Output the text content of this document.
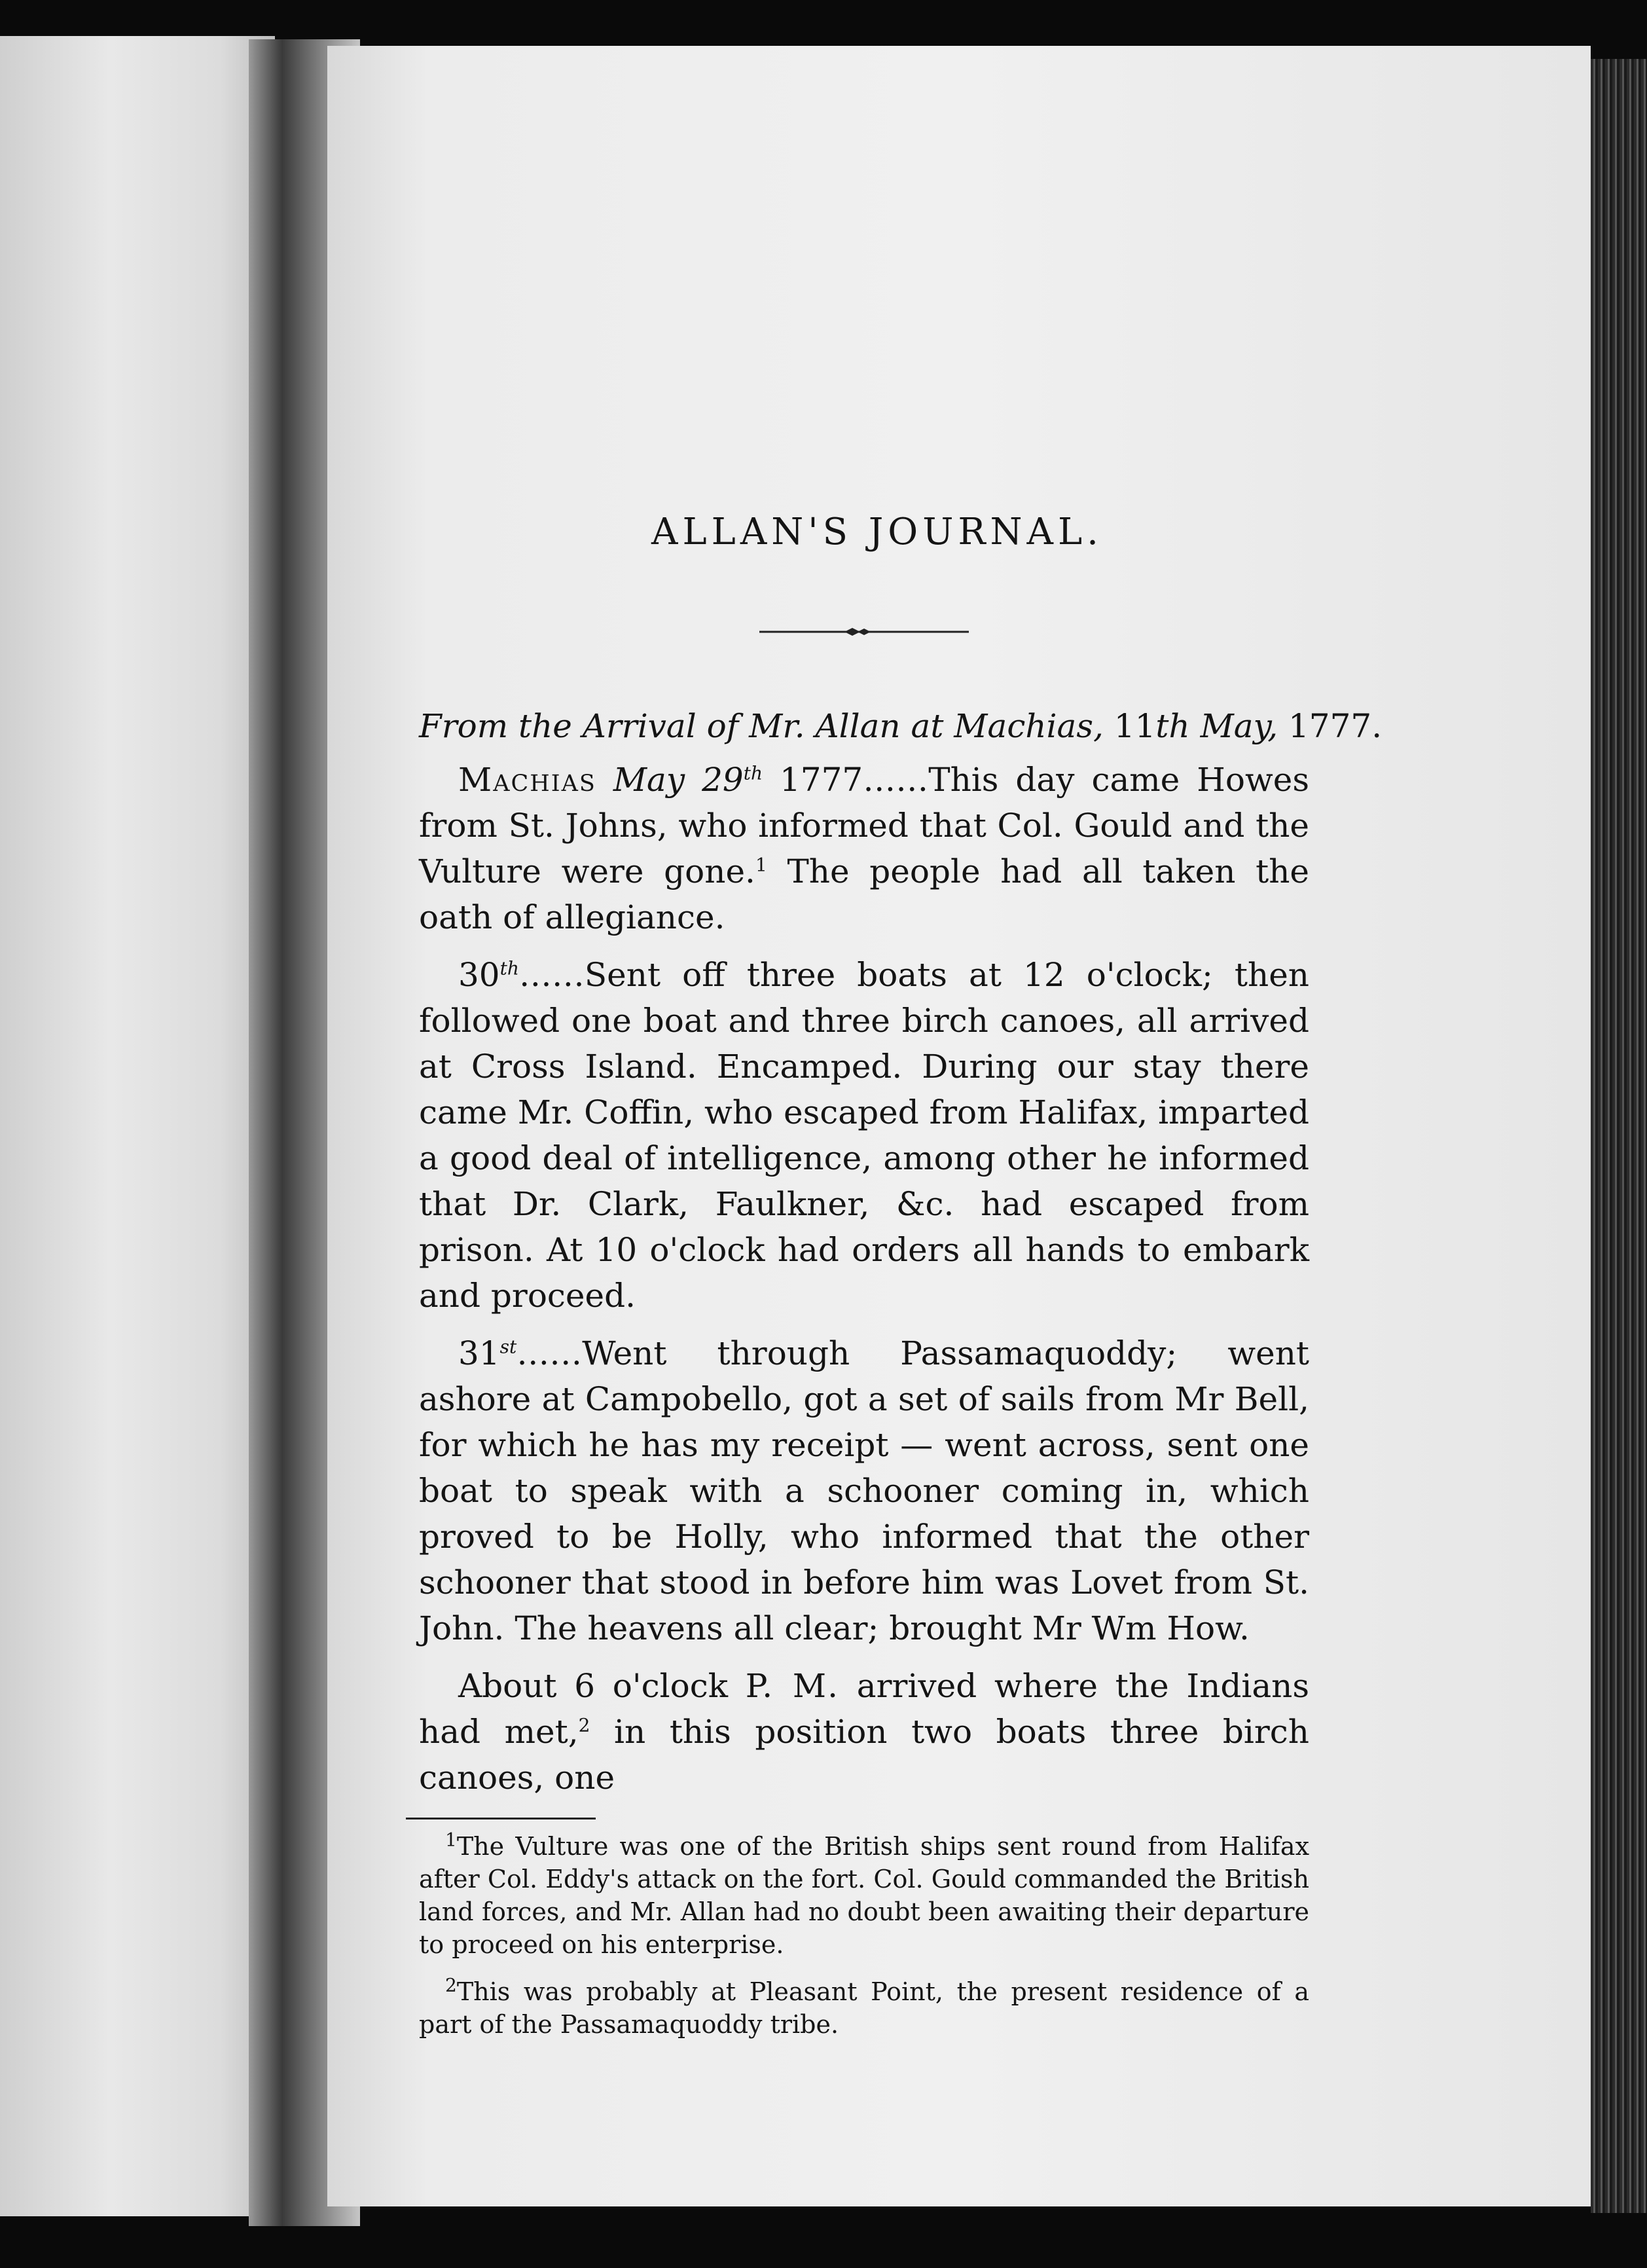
ALLAN'S JOURNAL.

From the Arrival of Mr. Allan at Machias, 11th May, 1777.

Machias May 29th 1777……This day came Howes from St. Johns, who informed that Col. Gould and the Vulture were gone.$^1$ The people had all taken the oath of allegiance.

30th……Sent off three boats at 12 o'clock; then followed one boat and three birch canoes, all arrived at Cross Island. Encamped. During our stay there came Mr. Coffin, who escaped from Halifax, imparted a good deal of intelligence, among other he informed that Dr. Clark, Faulkner, &c. had escaped from prison. At 10 o'clock had orders all hands to embark and proceed.

31st……Went through Passamaquoddy; went ashore at Campobello, got a set of sails from Mr Bell, for which he has my receipt — went across, sent one boat to speak with a schooner coming in, which proved to be Holly, who informed that the other schooner that stood in before him was Lovet from St. John. The heavens all clear; brought Mr Wm How.

About 6 o'clock P. M. arrived where the Indians had met,$^2$ in this position two boats three birch canoes, one

$^1$The Vulture was one of the British ships sent round from Halifax after Col. Eddy's attack on the fort. Col. Gould commanded the British land forces, and Mr. Allan had no doubt been awaiting their departure to proceed on his enterprise.

$^2$This was probably at Pleasant Point, the present residence of a part of the Passamaquoddy tribe.
